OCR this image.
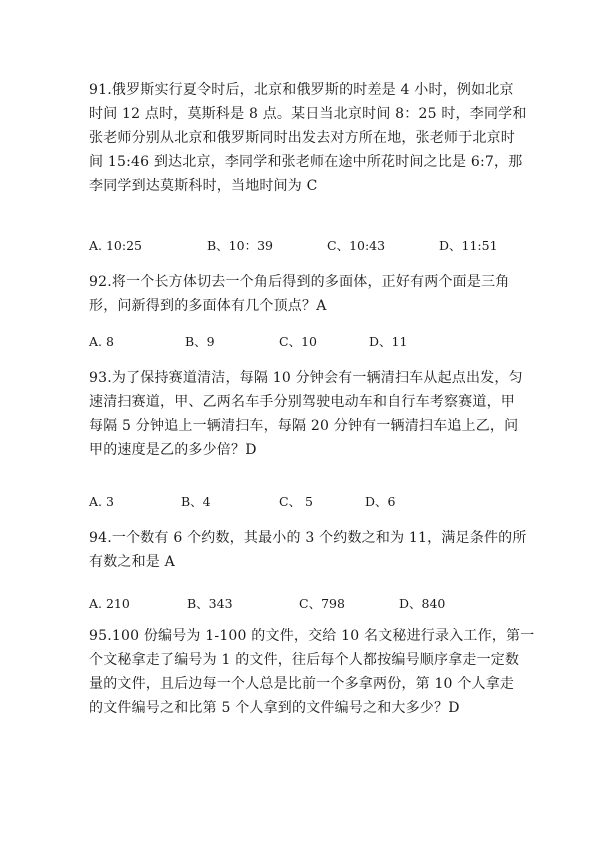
91.俄罗斯实行夏令时后，北京和俄罗斯的时差是 4 小时，例如北京
时间 12 点时，莫斯科是 8 点。某日当北京时间 8：25 时，李同学和
张老师分别从北京和俄罗斯同时出发去对方所在地，张老师于北京时
间 15:46 到达北京，李同学和张老师在途中所花时间之比是 6:7，那
李同学到达莫斯科时，当地时间为 C
A. 10:25	B、10：39	C、10:43	D、11:51
92.将一个长方体切去一个角后得到的多面体，正好有两个面是三角
形，问新得到的多面体有几个顶点？A
A. 8	B、9	C、10	D、11
93.为了保持赛道清洁，每隔 10 分钟会有一辆清扫车从起点出发，匀
速清扫赛道，甲、乙两名车手分别驾驶电动车和自行车考察赛道，甲
每隔 5 分钟追上一辆清扫车，每隔 20 分钟有一辆清扫车追上乙，问
甲的速度是乙的多少倍？D
A. 3	B、4	C、 5	D、6
94.一个数有 6 个约数，其最小的 3 个约数之和为 11，满足条件的所
有数之和是 A
A. 210	B、343	C、798	D、840
95.100 份编号为 1-100 的文件，交给 10 名文秘进行录入工作，第一
个文秘拿走了编号为 1 的文件，往后每个人都按编号顺序拿走一定数
量的文件，且后边每一个人总是比前一个多拿两份，第 10 个人拿走
的文件编号之和比第 5 个人拿到的文件编号之和大多少？D
